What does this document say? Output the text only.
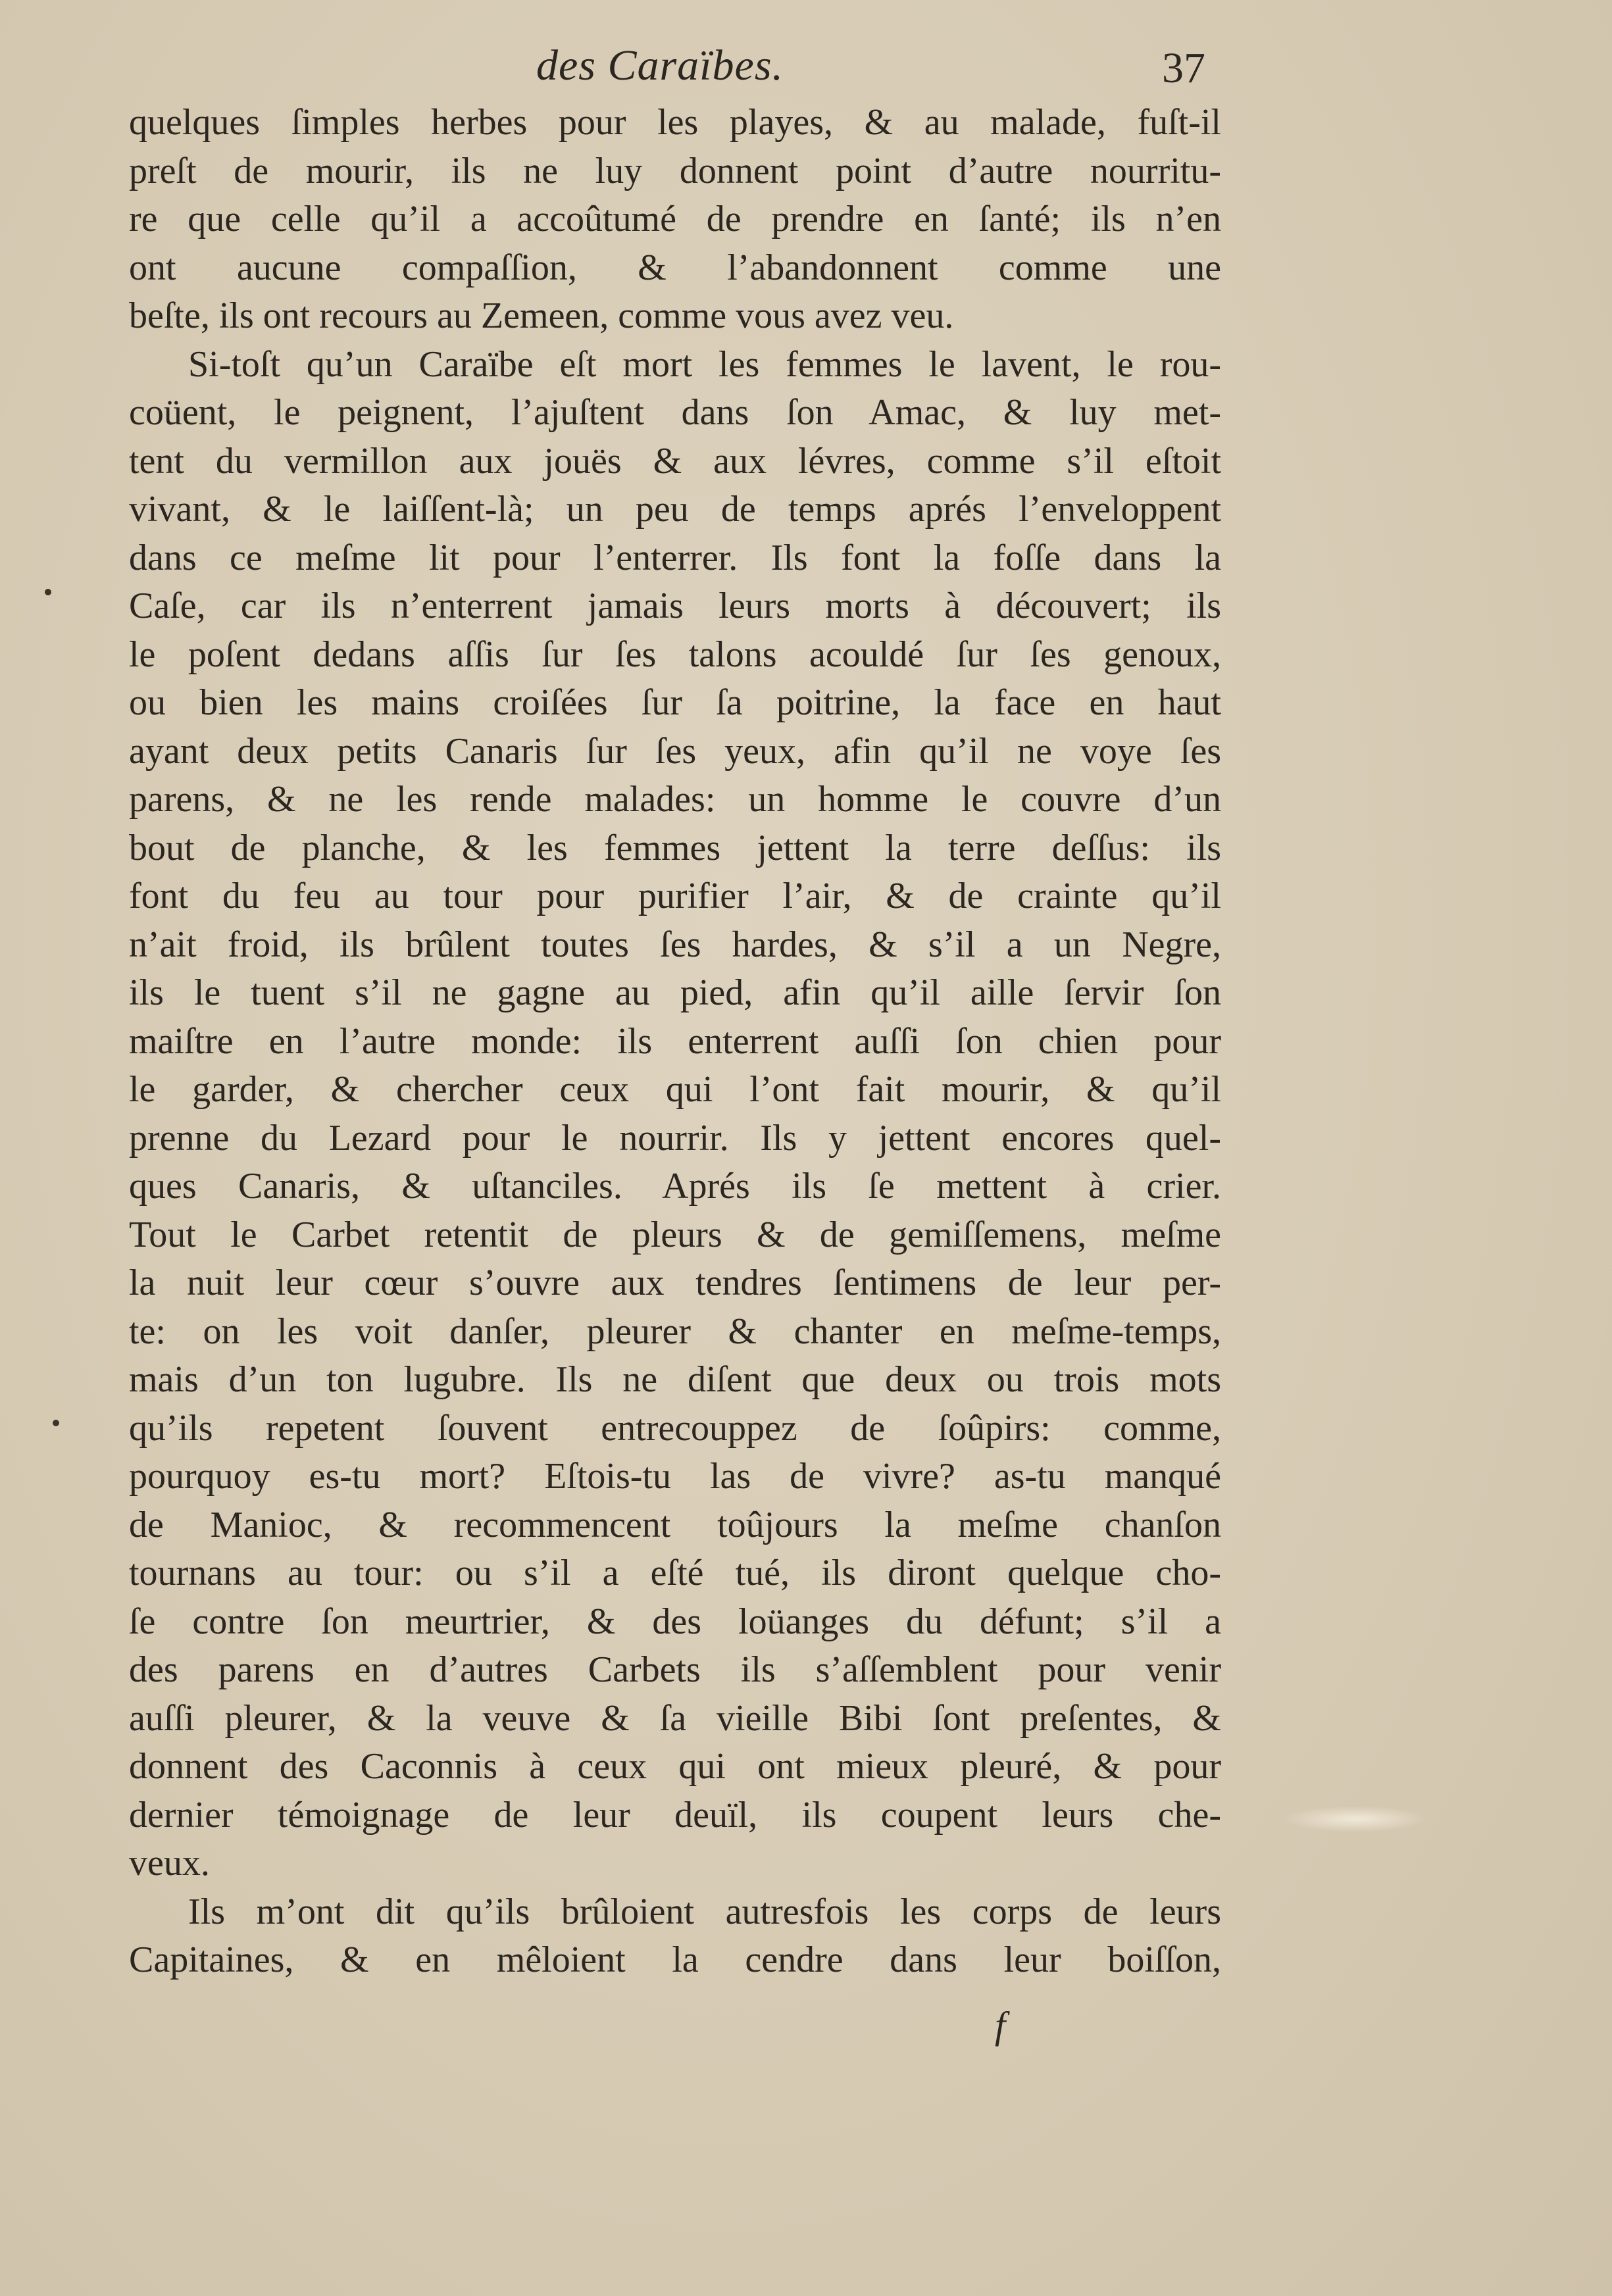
des Caraïbes.	37
quelques ſimples herbes pour les playes, & au malade, fuſt-il
preſt de mourir, ils ne luy donnent point d’autre nourritu-
re que celle qu’il a accoûtumé de prendre en ſanté; ils n’en
ont aucune compaſſion, & l’abandonnent comme une
beſte, ils ont recours au Zemeen, comme vous avez veu.
Si-toſt qu’un Caraïbe eſt mort les femmes le lavent, le rou-
coüent, le peignent, l’ajuſtent dans ſon Amac, & luy met-
tent du vermillon aux jouës & aux lévres, comme s’il eſtoit
vivant, & le laiſſent-là; un peu de temps aprés l’enveloppent
dans ce meſme lit pour l’enterrer. Ils font la foſſe dans la
Caſe, car ils n’enterrent jamais leurs morts à découvert; ils
le poſent dedans aſſis ſur ſes talons acouldé ſur ſes genoux,
ou bien les mains croiſées ſur ſa poitrine, la face en haut
ayant deux petits Canaris ſur ſes yeux, afin qu’il ne voye ſes
parens, & ne les rende malades: un homme le couvre d’un
bout de planche, & les femmes jettent la terre deſſus: ils
font du feu au tour pour purifier l’air, & de crainte qu’il
n’ait froid, ils brûlent toutes ſes hardes, & s’il a un Negre,
ils le tuent s’il ne gagne au pied, afin qu’il aille ſervir ſon
maiſtre en l’autre monde: ils enterrent auſſi ſon chien pour
le garder, & chercher ceux qui l’ont fait mourir, & qu’il
prenne du Lezard pour le nourrir. Ils y jettent encores quel-
ques Canaris, & uſtanciles. Aprés ils ſe mettent à crier.
Tout le Carbet retentit de pleurs & de gemiſſemens, meſme
la nuit leur cœur s’ouvre aux tendres ſentimens de leur per-
te: on les voit danſer, pleurer & chanter en meſme-temps,
mais d’un ton lugubre. Ils ne diſent que deux ou trois mots
qu’ils repetent ſouvent entrecouppez de ſoûpirs: comme,
pourquoy es-tu mort? Eſtois-tu las de vivre? as-tu manqué
de Manioc, & recommencent toûjours la meſme chanſon
tournans au tour: ou s’il a eſté tué, ils diront quelque cho-
ſe contre ſon meurtrier, & des loüanges du défunt; s’il a
des parens en d’autres Carbets ils s’aſſemblent pour venir
auſſi pleurer, & la veuve & ſa vieille Bibi ſont preſentes, &
donnent des Caconnis à ceux qui ont mieux pleuré, & pour
dernier témoignage de leur deuïl, ils coupent leurs che-
veux.
Ils m’ont dit qu’ils brûloient autresfois les corps de leurs
Capitaines, & en mêloient la cendre dans leur boiſſon,
f
